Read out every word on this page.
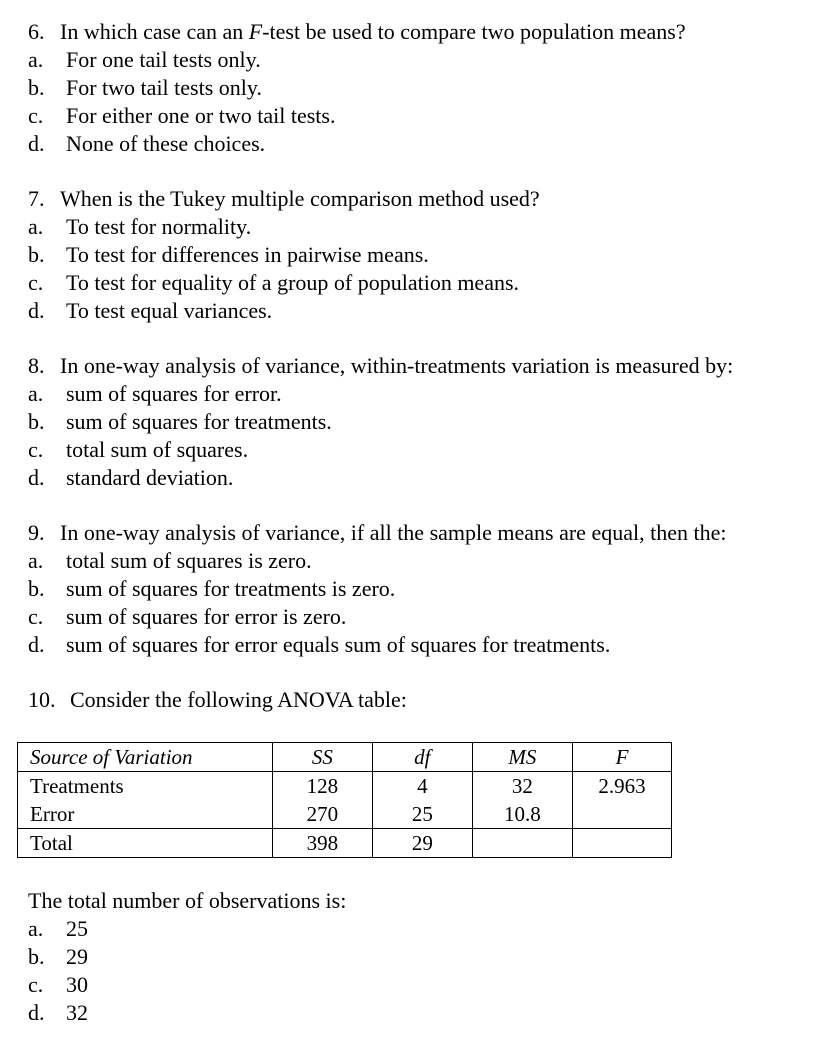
6. In which case can an F-test be used to compare two population means?
a. For one tail tests only.
b. For two tail tests only.
c. For either one or two tail tests.
d. None of these choices.
7. When is the Tukey multiple comparison method used?
a. To test for normality.
b. To test for differences in pairwise means.
c. To test for equality of a group of population means.
d. To test equal variances.
8. In one-way analysis of variance, within-treatments variation is measured by:
a. sum of squares for error.
b. sum of squares for treatments.
c. total sum of squares.
d. standard deviation.
9. In one-way analysis of variance, if all the sample means are equal, then the:
a. total sum of squares is zero.
b. sum of squares for treatments is zero.
c. sum of squares for error is zero.
d. sum of squares for error equals sum of squares for treatments.
10. Consider the following ANOVA table:
Source of Variation	SS	df	MS	F
Treatments	128	4	32	2.963
Error	270	25	10.8	
Total	398	29		
The total number of observations is:
a. 25
b. 29
c. 30
d. 32
